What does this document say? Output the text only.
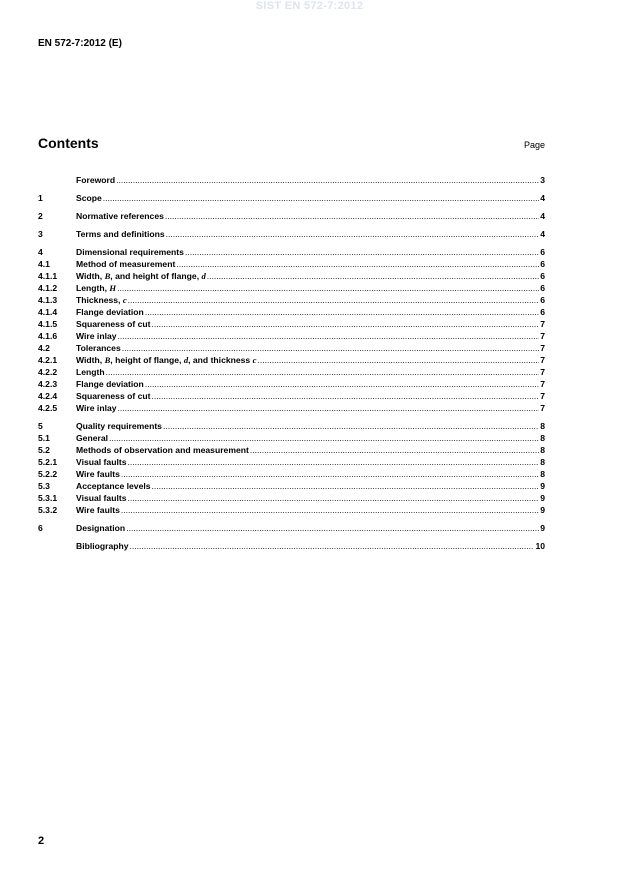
SIST EN 572-7:2012
EN 572-7:2012 (E)
Contents	Page
Foreword . . .	3
1	Scope . . .	4
2	Normative references . . .	4
3	Terms and definitions . . .	4
4	Dimensional requirements . . .	6
4.1	Method of measurement . . .	6
4.1.1	Width, B, and height of flange, d . . .	6
4.1.2	Length, H . . .	6
4.1.3	Thickness, c . . .	6
4.1.4	Flange deviation . . .	6
4.1.5	Squareness of cut . . .	7
4.1.6	Wire inlay . . .	7
4.2	Tolerances . . .	7
4.2.1	Width, B, height of flange, d, and thickness c . . .	7
4.2.2	Length . . .	7
4.2.3	Flange deviation . . .	7
4.2.4	Squareness of cut . . .	7
4.2.5	Wire inlay . . .	7
5	Quality requirements . . .	8
5.1	General . . .	8
5.2	Methods of observation and measurement . . .	8
5.2.1	Visual faults . . .	8
5.2.2	Wire faults . . .	8
5.3	Acceptance levels . . .	9
5.3.1	Visual faults . . .	9
5.3.2	Wire faults . . .	9
6	Designation . . .	9
Bibliography . . .	10
2
